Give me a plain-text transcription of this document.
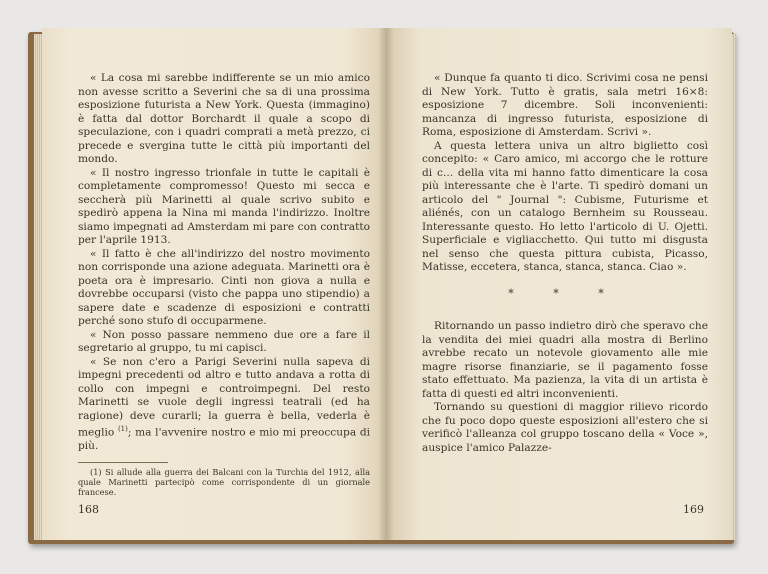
« La cosa mi sarebbe indifferente se un mio amico non avesse scritto a Severini che sa di una prossima esposizione futurista a New York. Questa (immagino) è fatta dal dottor Borchardt il quale a scopo di speculazione, con i quadri comprati a metà prezzo, ci precede e svergina tutte le città più importanti del mondo.

« Il nostro ingresso trionfale in tutte le capitali è completamente compromesso! Questo mi secca e seccherà più Marinetti al quale scrivo subito e spedirò appena la Nina mi manda l'indirizzo. Inoltre siamo impegnati ad Amsterdam mi pare con contratto per l'aprile 1913.

« Il fatto è che all'indirizzo del nostro movimento non corrisponde una azione adeguata. Marinetti ora è poeta ora è impresario. Cinti non giova a nulla e dovrebbe occuparsi (visto che pappa uno stipendio) a sapere date e scadenze di esposizioni e contratti perché sono stufo di occuparmene.

« Non posso passare nemmeno due ore a fare il segretario al gruppo, tu mi capisci.

« Se non c'ero a Parigi Severini nulla sapeva di impegni precedenti od altro e tutto andava a rotta di collo con impegni e controimpegni. Del resto Marinetti se vuole degli ingressi teatrali (ed ha ragione) deve curarli; la guerra è bella, vederla è meglio $^{(1)}$; ma l'avvenire nostro e mio mi preoccupa di più.

(1) Si allude alla guerra dei Balcani con la Turchia del 1912, alla quale Marinetti partecipò come corrispondente di un giornale francese.

168

« Dunque fa quanto ti dico. Scrivimi cosa ne pensi di New York. Tutto è gratis, sala metri 16×8: esposizione 7 dicembre. Soli inconvenienti: mancanza di ingresso futurista, esposizione di Roma, esposizione di Amsterdam. Scrivi ».

A questa lettera univa un altro biglietto così concepito: « Caro amico, mi accorgo che le rotture di c... della vita mi hanno fatto dimenticare la cosa più interessante che è l'arte. Ti spedirò domani un articolo del " Journal ": Cubisme, Futurisme et aliénés, con un catalogo Bernheim su Rousseau. Interessante questo. Ho letto l'articolo di U. Ojetti. Superficiale e vigliacchetto. Qui tutto mi disgusta nel senso che questa pittura cubista, Picasso, Matisse, eccetera, stanca, stanca, stanca. Ciao ».

* * *

Ritornando un passo indietro dirò che speravo che la vendita dei miei quadri alla mostra di Berlino avrebbe recato un notevole giovamento alle mie magre risorse finanziarie, se il pagamento fosse stato effettuato. Ma pazienza, la vita di un artista è fatta di questi ed altri inconvenienti.

Tornando su questioni di maggior rilievo ricordo che fu poco dopo queste esposizioni all'estero che si verificò l'alleanza col gruppo toscano della « Voce », auspice l'amico Palazze-

169
